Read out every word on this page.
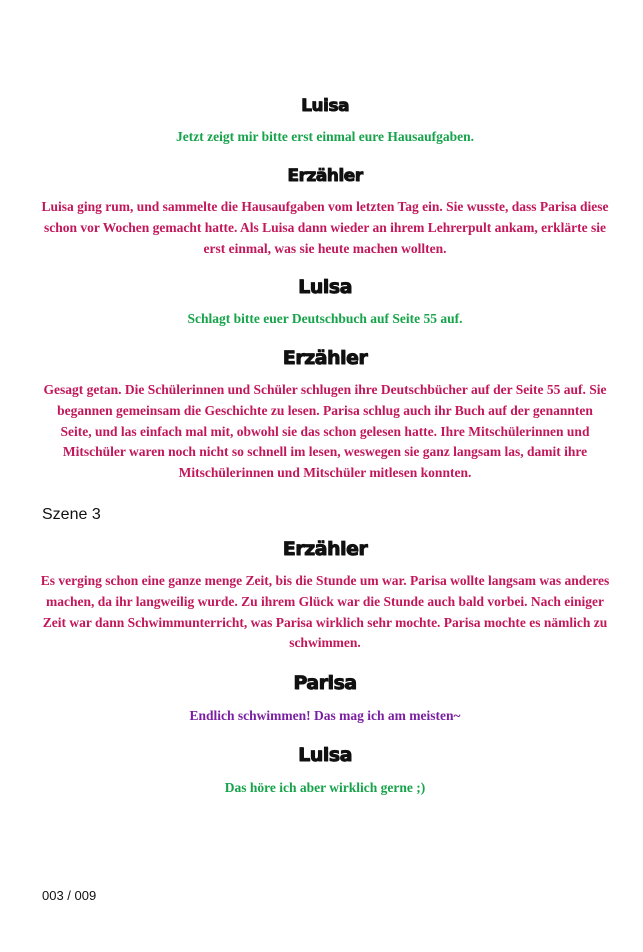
Luisa
Jetzt zeigt mir bitte erst einmal eure Hausaufgaben.
Erzähler
Luisa ging rum, und sammelte die Hausaufgaben vom letzten Tag ein. Sie wusste, dass Parisa diese schon vor Wochen gemacht hatte. Als Luisa dann wieder an ihrem Lehrerpult ankam, erklärte sie erst einmal, was sie heute machen wollten.
Luisa
Schlagt bitte euer Deutschbuch auf Seite 55 auf.
Erzähler
Gesagt getan. Die Schülerinnen und Schüler schlugen ihre Deutschbücher auf der Seite 55 auf. Sie begannen gemeinsam die Geschichte zu lesen. Parisa schlug auch ihr Buch auf der genannten Seite, und las einfach mal mit, obwohl sie das schon gelesen hatte. Ihre Mitschülerinnen und Mitschüler waren noch nicht so schnell im lesen, weswegen sie ganz langsam las, damit ihre Mitschülerinnen und Mitschüler mitlesen konnten.
Szene 3
Erzähler
Es verging schon eine ganze menge Zeit, bis die Stunde um war. Parisa wollte langsam was anderes machen, da ihr langweilig wurde. Zu ihrem Glück war die Stunde auch bald vorbei. Nach einiger Zeit war dann Schwimmunterricht, was Parisa wirklich sehr mochte. Parisa mochte es nämlich zu schwimmen.
Parisa
Endlich schwimmen! Das mag ich am meisten~
Luisa
Das höre ich aber wirklich gerne ;)
003 / 009
